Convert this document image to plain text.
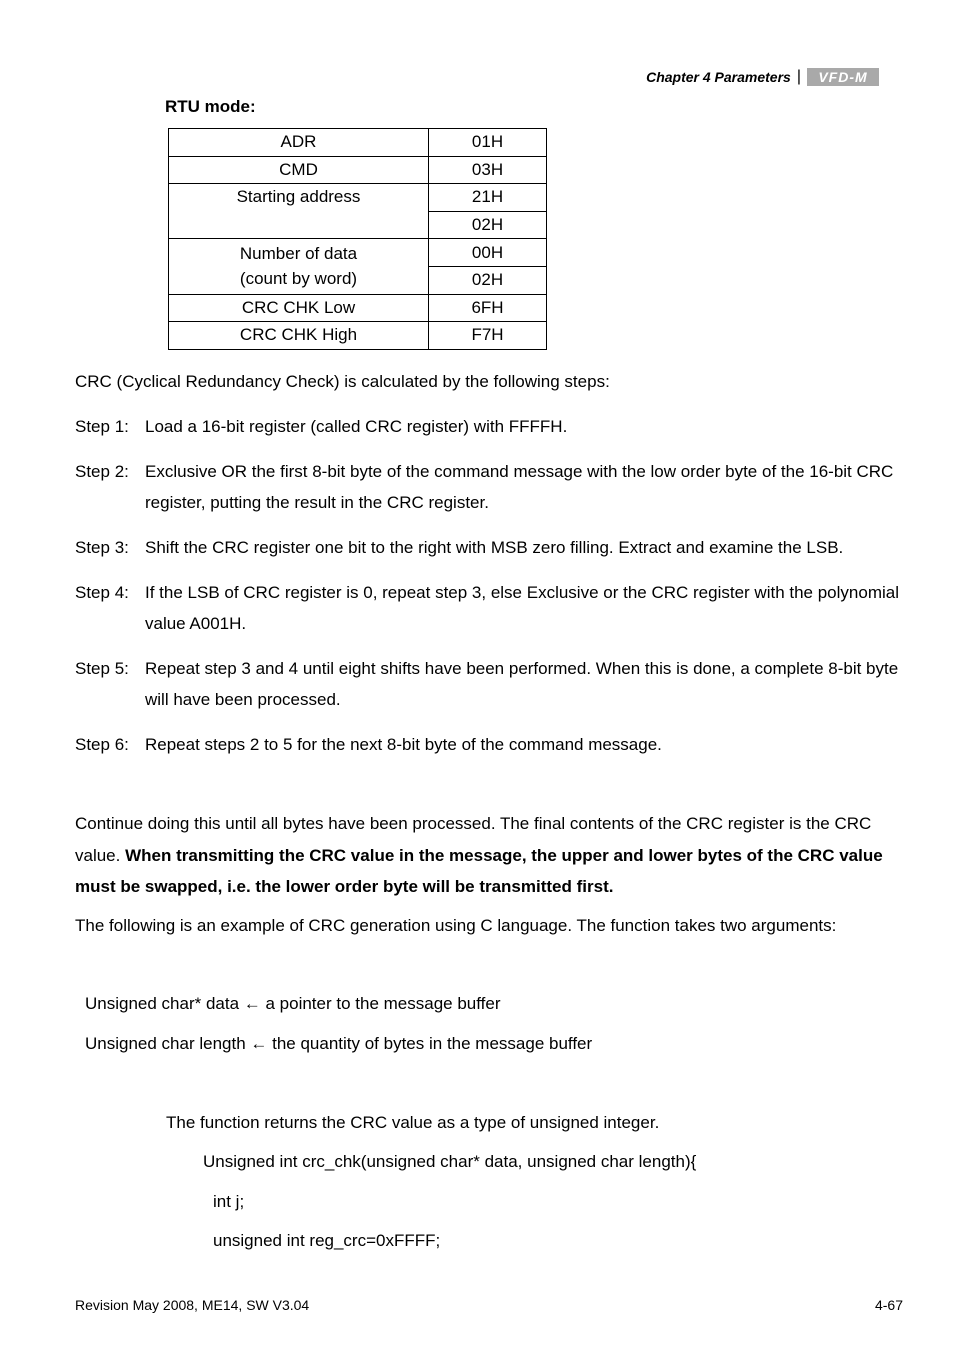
Chapter 4 Parameters |	VFD-M
RTU mode:
ADR	01H
CMD	03H
Starting address	21H
	02H
Number of data
(count by word)	00H
	02H
CRC CHK Low	6FH
CRC CHK High	F7H
CRC (Cyclical Redundancy Check) is calculated by the following steps:
Step 1: Load a 16-bit register (called CRC register) with FFFFH.
Step 2: Exclusive OR the first 8-bit byte of the command message with the low order byte of the 16-bit CRC register, putting the result in the CRC register.
Step 3: Shift the CRC register one bit to the right with MSB zero filling. Extract and examine the LSB.
Step 4: If the LSB of CRC register is 0, repeat step 3, else Exclusive or the CRC register with the polynomial value A001H.
Step 5: Repeat step 3 and 4 until eight shifts have been performed. When this is done, a complete 8-bit byte will have been processed.
Step 6: Repeat steps 2 to 5 for the next 8-bit byte of the command message.
Continue doing this until all bytes have been processed. The final contents of the CRC register is the CRC value. When transmitting the CRC value in the message, the upper and lower bytes of the CRC value must be swapped, i.e. the lower order byte will be transmitted first.
The following is an example of CRC generation using C language. The function takes two arguments:
Unsigned char* data ← a pointer to the message buffer
Unsigned char length ← the quantity of bytes in the message buffer
The function returns the CRC value as a type of unsigned integer.
Unsigned int crc_chk(unsigned char* data, unsigned char length){
int j;
unsigned int reg_crc=0xFFFF;
Revision May 2008, ME14, SW V3.04	4-67
